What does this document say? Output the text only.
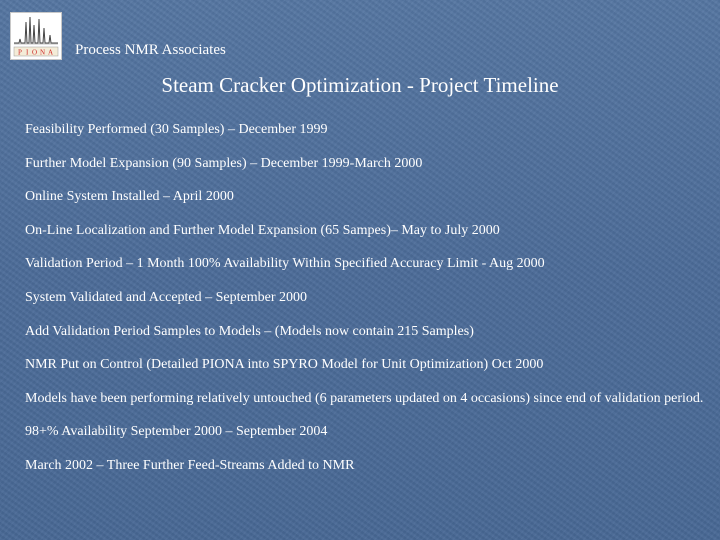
P I O N A Process NMR Associates
Steam Cracker Optimization - Project Timeline
Feasibility Performed (30 Samples) – December 1999
Further Model Expansion (90 Samples) – December 1999-March 2000
Online System Installed – April 2000
On-Line Localization and Further Model Expansion (65 Sampes)– May to July 2000
Validation Period – 1 Month 100% Availability Within Specified Accuracy Limit - Aug 2000
System Validated and Accepted – September 2000
Add Validation Period Samples to Models – (Models now contain 215 Samples)
NMR Put on Control (Detailed PIONA into SPYRO Model for Unit Optimization) Oct 2000
Models have been performing relatively untouched (6 parameters updated on 4 occasions) since end of validation period.
98+% Availability September 2000 – September 2004
March 2002 – Three Further Feed-Streams Added to NMR
